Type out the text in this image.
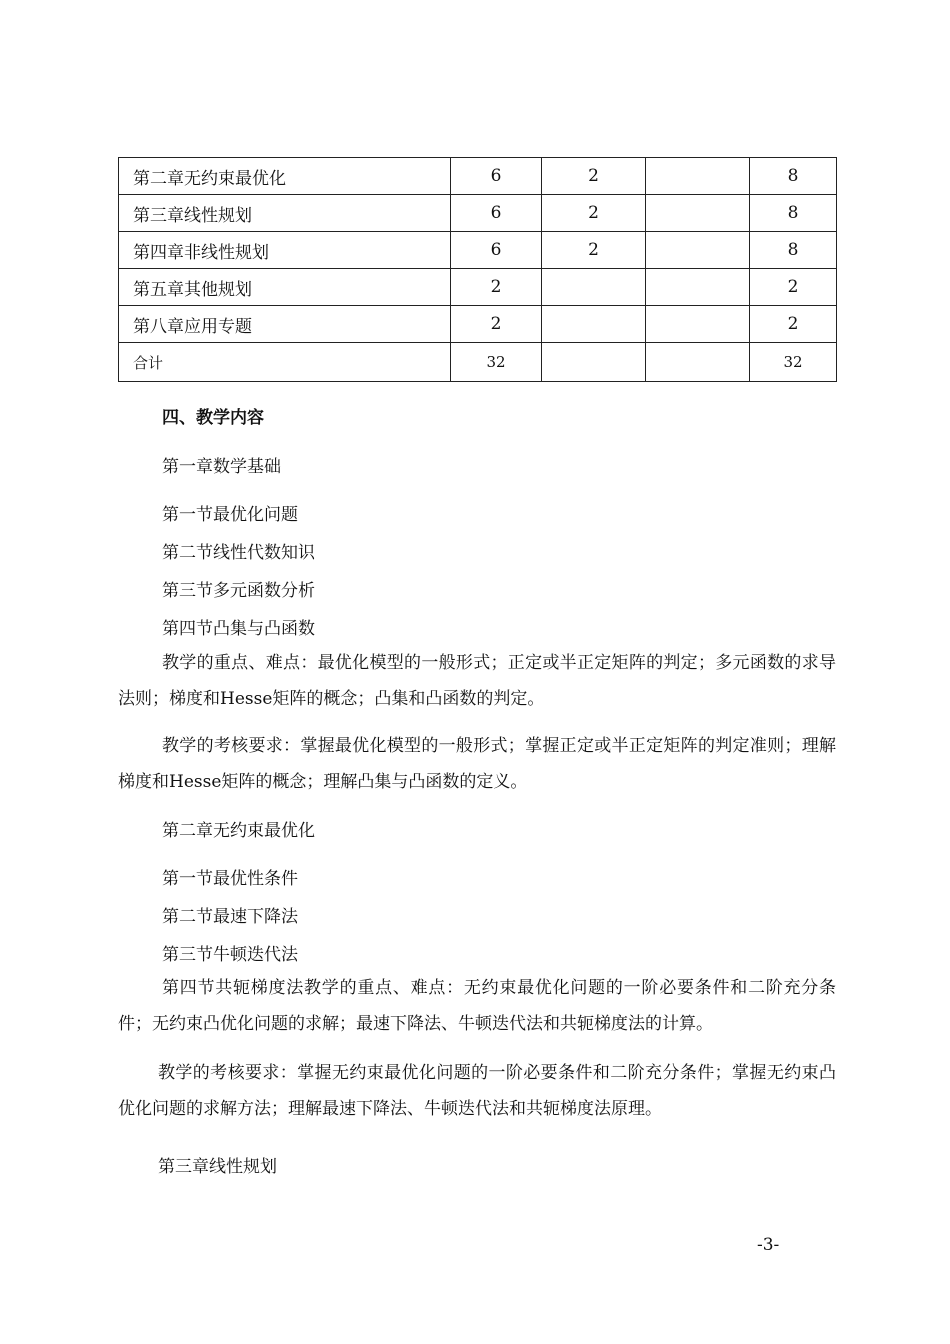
第二章无约束最优化	6	2		8
第三章线性规划	6	2		8
第四章非线性规划	6	2		8
第五章其他规划	2			2
第八章应用专题	2			2
合计	32			32
四、教学内容
第一章数学基础
第一节最优化问题
第二节线性代数知识
第三节多元函数分析
第四节凸集与凸函数
教学的重点、难点：最优化模型的一般形式；正定或半正定矩阵的判定；多元函数的求导法则；梯度和Hesse矩阵的概念；凸集和凸函数的判定。
教学的考核要求：掌握最优化模型的一般形式；掌握正定或半正定矩阵的判定准则；理解梯度和Hesse矩阵的概念；理解凸集与凸函数的定义。
第二章无约束最优化
第一节最优性条件
第二节最速下降法
第三节牛顿迭代法
第四节共轭梯度法教学的重点、难点：无约束最优化问题的一阶必要条件和二阶充分条件；无约束凸优化问题的求解；最速下降法、牛顿迭代法和共轭梯度法的计算。
教学的考核要求：掌握无约束最优化问题的一阶必要条件和二阶充分条件；掌握无约束凸优化问题的求解方法；理解最速下降法、牛顿迭代法和共轭梯度法原理。
第三章线性规划
-3-
